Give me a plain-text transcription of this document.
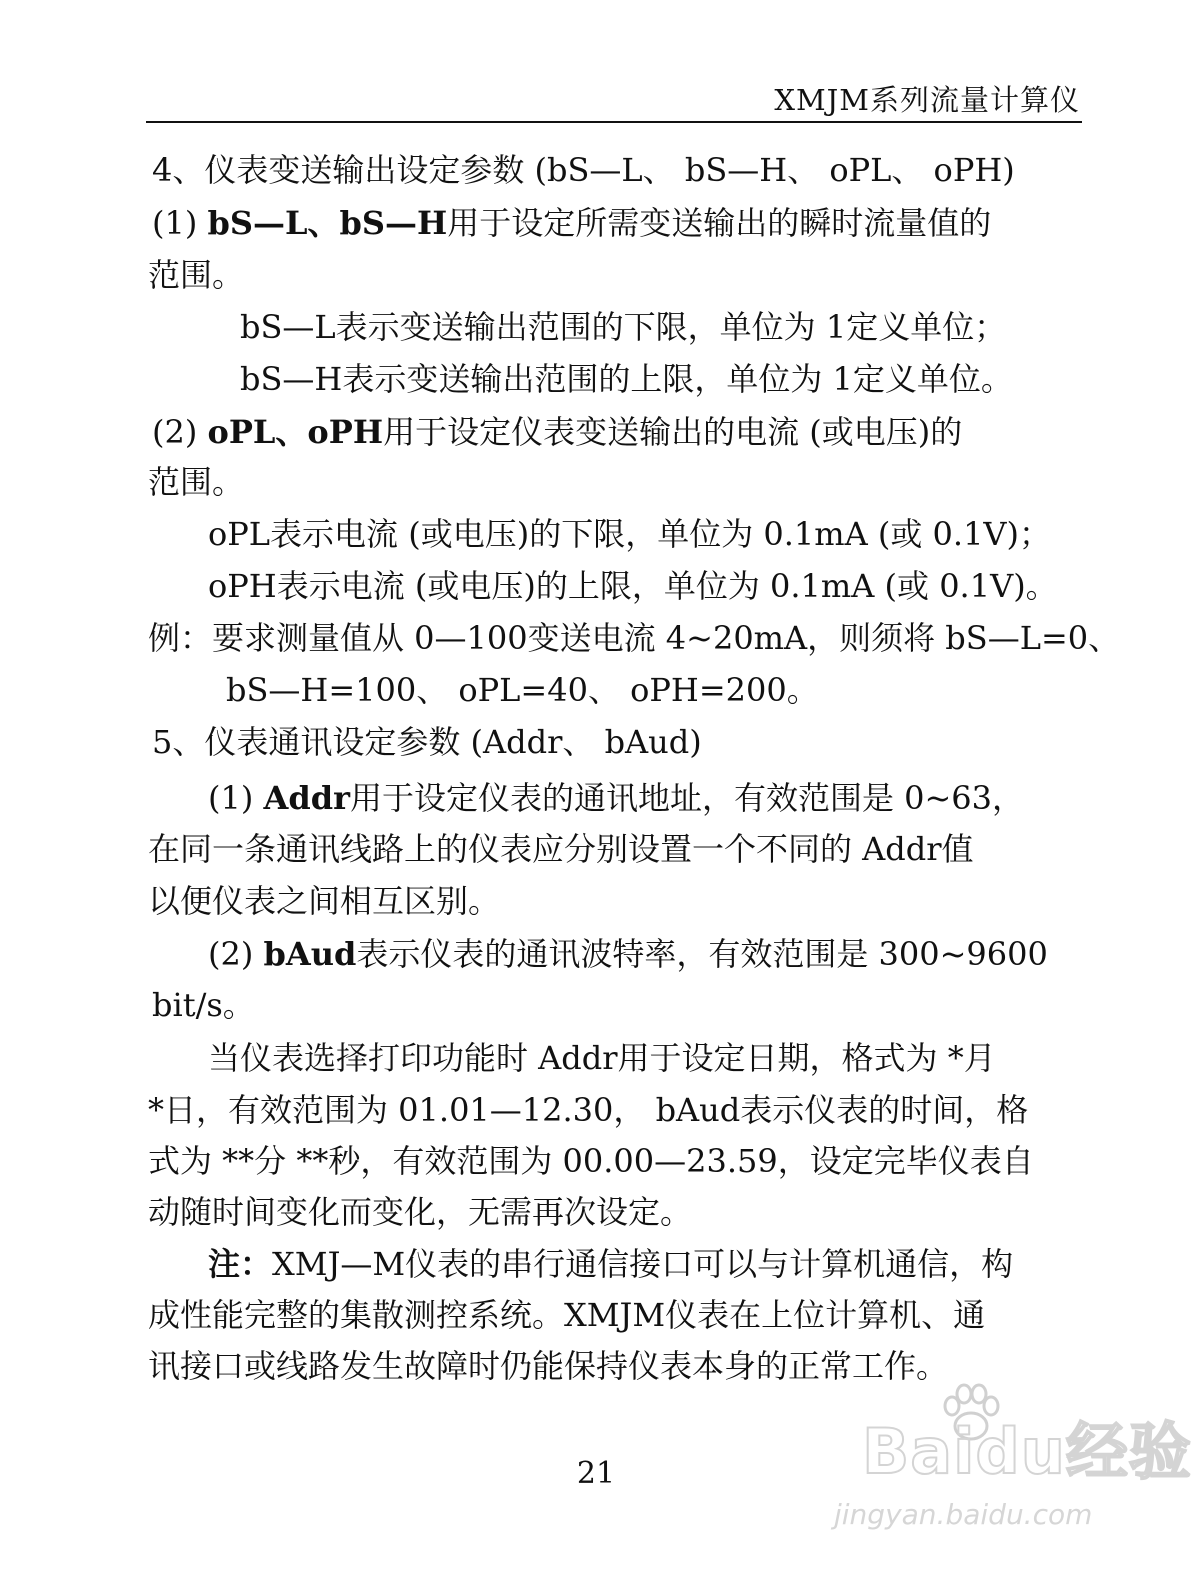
XMJM系列流量计算仪
4、仪表变送输出设定参数 (bS—L、 bS—H、 oPL、 oPH)
(1) bS—L、bS—H用于设定所需变送输出的瞬时流量值的
范围。
bS—L表示变送输出范围的下限，单位为 1定义单位；
bS—H表示变送输出范围的上限，单位为 1定义单位。
(2) oPL、oPH用于设定仪表变送输出的电流 (或电压)的
范围。
oPL表示电流 (或电压)的下限，单位为 0.1mA (或 0.1V)；
oPH表示电流 (或电压)的上限，单位为 0.1mA (或 0.1V)。
例：要求测量值从 0—100变送电流 4~20mA，则须将 bS—L=0、
bS—H=100、 oPL=40、 oPH=200。
5、仪表通讯设定参数 (Addr、 bAud)
(1) Addr用于设定仪表的通讯地址，有效范围是 0~63，
在同一条通讯线路上的仪表应分别设置一个不同的 Addr值
以便仪表之间相互区别。
(2) bAud表示仪表的通讯波特率，有效范围是 300~9600
bit/s。
当仪表选择打印功能时 Addr用于设定日期，格式为 *月
*日，有效范围为 01.01—12.30， bAud表示仪表的时间，格
式为 **分 **秒，有效范围为 00.00—23.59，设定完毕仪表自
动随时间变化而变化，无需再次设定。
注：XMJ—M仪表的串行通信接口可以与计算机通信，构
成性能完整的集散测控系统。XMJM仪表在上位计算机、通
讯接口或线路发生故障时仍能保持仪表本身的正常工作。
21	Baidu经验
jingyan.baidu.com
